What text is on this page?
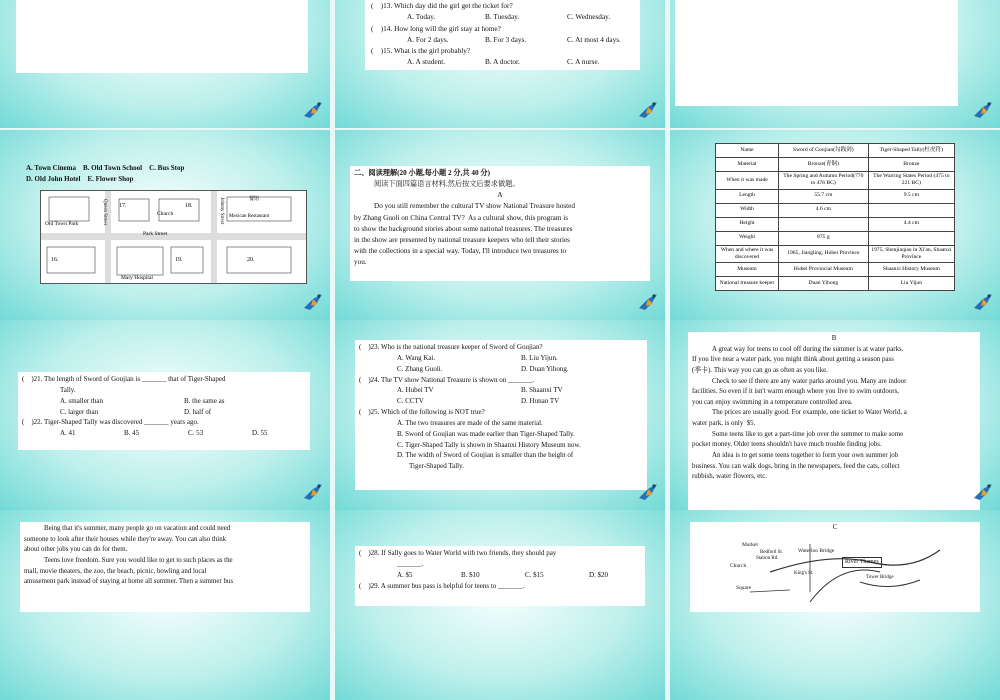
(    )13. Which day did the girl get the ticket for?
A. Today.	B. Tuesday.	C. Wednesday.
(    )14. How long will the girl stay at home?
A. For 2 days.	B. For 3 days.	C. At most 4 days.
(    )15. What is the girl probably?
A. A student.	B. A doctor.	C. A nurse.
A. Town Cinema    B. Old Town School    C. Bus Stop
D. Old John Hotel    E. Flower Shop
Old Town Park	Queen Street 17.
Church
18.	Johnny Street	餐馆
Mexican Restaurant
Park Street
16.	19.	20.
Mary Hospital
二、阅读理解(20 小题,每小题 2 分,共 40 分)
阅读下面四篇语言材料,然后按文后要求做题。
A
Do you still remember the cultural TV show National Treasure hosted
by Zhang Guoli on China Central TV?  As a cultural show, this program is
to show the background stories about some national treasures. The treasures
in the show are presented by national treasure keepers who tell their stories
with the collections in a special way. Today, I'll introduce two treasures to
you.
Name	Sword of Goujian(勾践剑)	Tiger-Shaped Tally(杜虎符)
Material	Bronze(青铜)	Bronze
When it was made	The Spring and Autumn Period(770 to 476 BC)	The Warring States Period (475 to 221 BC)
Length	55.7 cm	9.5 cm
Width	4.6 cm	
Height		4.4 cm
Weight	875 g	
When and where it was discovered	1965, Jiangling, Hubei Province	1975, Shenjiaqiao in Xi'an, Shaanxi Province
Museum	Hubei Provincial Museum	Shaanxi History Museum
National treasure keeper	Duan Yihong	Liu Yijun
(    )21. The length of Sword of Goujian is _______ that of Tiger-Shaped
Tally.
A. smaller than	B. the same as
C. larger than	D. half of
(    )22. Tiger-Shaped Tally was discovered _______ years ago.
A. 41	B. 45	C. 53	D. 55
(    )23. Who is the national treasure keeper of Sword of Goujian?
A. Wang Kai.	B. Liu Yijun.
C. Zhang Guoli.	D. Duan Yihong.
(    )24. The TV show National Treasure is shown on _______.
A. Hubei TV	B. Shaanxi TV
C. CCTV	D. Hunan TV
(    )25. Which of the following is NOT true?
A. The two treasures are made of the same material.
B. Sword of Goujian was made earlier than Tiger-Shaped Tally.
C. Tiger-Shaped Tally is shown in Shaanxi History Museum now.
D. The width of Sword of Goujian is smaller than the height of
Tiger-Shaped Tally.
B
A great way for teens to cool off during the summer is at water parks.
If you live near a water park, you might think about getting a season pass
(季卡). This way you can go as often as you like.
Check to see if there are any water parks around you. Many are indoor
facilities. So even if it isn't warm enough where you live to swim outdoors,
you can enjoy swimming in a temperature controlled area.
The prices are usually good. For example, one ticket to Water World, a
water park, is only  $5.
Some teens like to get a part-time job over the summer to make some
pocket money. Older teens shouldn't have much trouble finding jobs.
An idea is to get some teens together to form your own summer job
business. You can walk dogs, bring in the newspapers, feed the cats, collect
rubbish, water flowers, etc.
Being that it's summer, many people go on vacation and could need
someone to look after their houses while they're away. You can also think
about other jobs you can do for them.
Teens love freedom. Sure you would like to get to such places as the
mall, movie theaters, the zoo, the beach, picnic, bowling and local
amusement park instead of staying at home all summer. Then a summer bus
(    )28. If Sally goes to Water World with two friends, they should pay
_______.
A. $5	B. $10	C. $15	D. $20
(    )29. A summer bus pass is helpful for teens to _______.
C
Market
Bedford St.
Station Rd.
Waterloo Bridge
River Thames
Church
King's St.
Square
Tower Bridge
